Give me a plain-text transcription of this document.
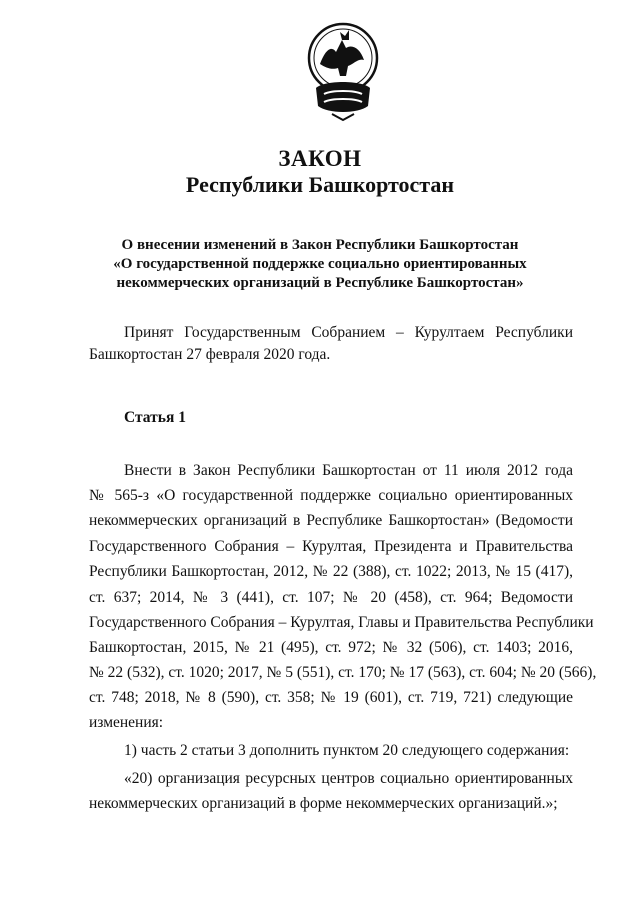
ЗАКОН
Республики Башкортостан
О внесении изменений в Закон Республики Башкортостан
«О государственной поддержке социально ориентированных
некоммерческих организаций в Республике Башкортостан»
Принят Государственным Собранием – Курултаем Республики
Башкортостан 27 февраля 2020 года.
Статья 1
Внести в Закон Республики Башкортостан от 11 июля 2012 года
№ 565-з «О государственной поддержке социально ориентированных
некоммерческих организаций в Республике Башкортостан» (Ведомости
Государственного Собрания – Курултая, Президента и Правительства
Республики Башкортостан, 2012, № 22 (388), ст. 1022; 2013, № 15 (417),
ст. 637; 2014, № 3 (441), ст. 107; № 20 (458), ст. 964; Ведомости
Государственного Собрания – Курултая, Главы и Правительства Республики
Башкортостан, 2015, № 21 (495), ст. 972; № 32 (506), ст. 1403; 2016,
№ 22 (532), ст. 1020; 2017, № 5 (551), ст. 170; № 17 (563), ст. 604; № 20 (566),
ст. 748; 2018, № 8 (590), ст. 358; № 19 (601), ст. 719, 721) следующие
изменения:
1) часть 2 статьи 3 дополнить пунктом 20 следующего содержания:
«20) организация ресурсных центров социально ориентированных
некоммерческих организаций в форме некоммерческих организаций.»;
